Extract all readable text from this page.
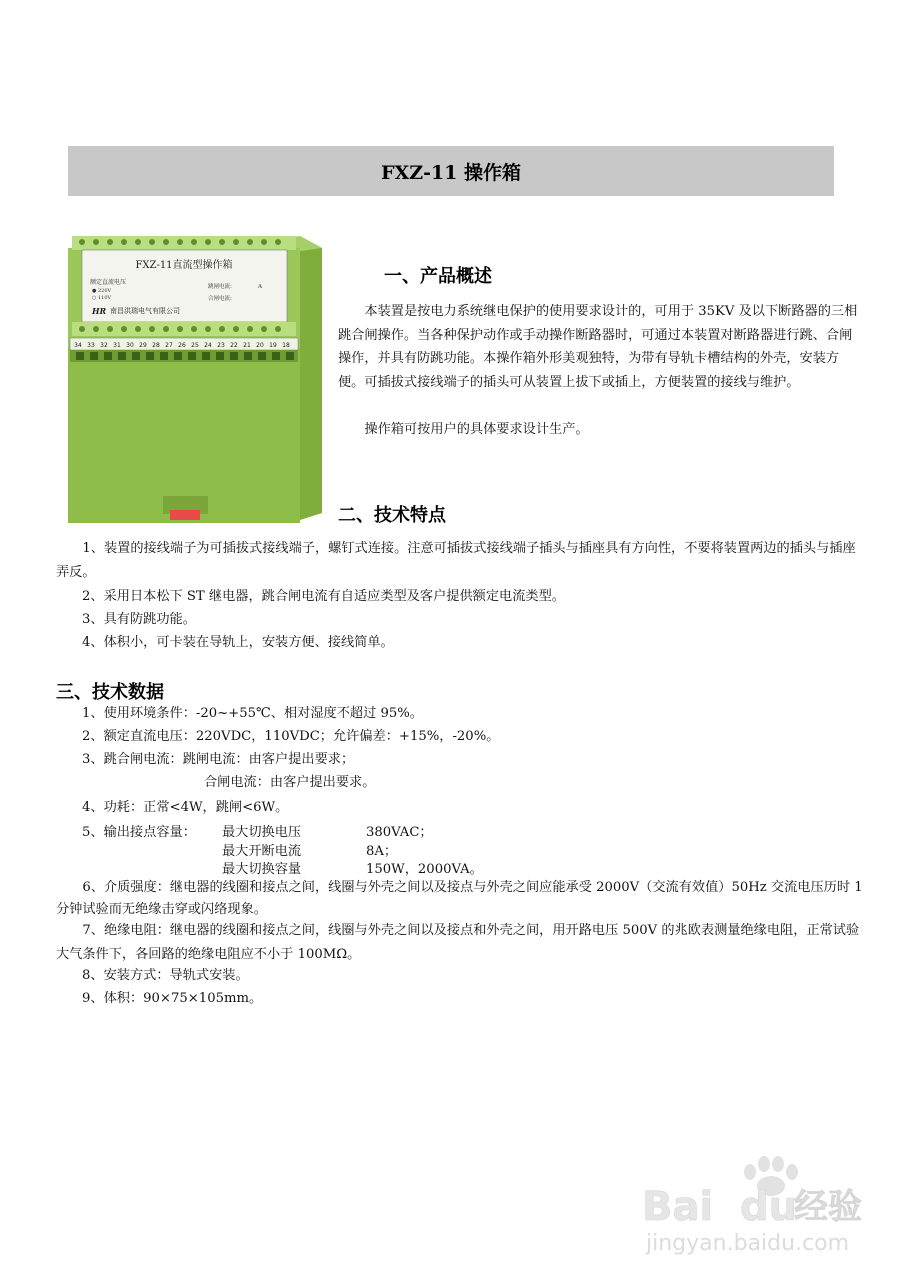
FXZ-11 操作箱
FXZ-11直流型操作箱
额定直流电压
● 220V
○ 110V
跳闸电流:
合闸电流:
A
HR 南昌洪瑞电气有限公司
34 33 32 31 30 29 28 27 26 25 24 23 22 21 20 19 18
一、产品概述

本装置是按电力系统继电保护的使用要求设计的，可用于 35KV 及以下断路器的三相跳合闸操作。当各种保护动作或手动操作断路器时，可通过本装置对断路器进行跳、合闸操作，并具有防跳功能。本操作箱外形美观独特，为带有导轨卡槽结构的外壳，安装方便。可插拔式接线端子的插头可从装置上拔下或插上，方便装置的接线与维护。

操作箱可按用户的具体要求设计生产。

二、技术特点

1、装置的接线端子为可插拔式接线端子，螺钉式连接。注意可插拔式接线端子插头与插座具有方向性，不要将装置两边的插头与插座弄反。

2、采用日本松下 ST 继电器，跳合闸电流有自适应类型及客户提供额定电流类型。
3、具有防跳功能。
4、体积小，可卡装在导轨上，安装方便、接线简单。
三、技术数据
1、使用环境条件：-20~+55℃、相对湿度不超过 95%。
2、额定直流电压：220VDC，110VDC；允许偏差：+15%，-20%。
3、跳合闸电流：跳闸电流：由客户提出要求；
合闸电流：由客户提出要求。
4、功耗：正常<4W，跳闸<6W。
5、输出接点容量： 最大切换电压	380VAC；
最大开断电流	8A；
最大切换容量	150W，2000VA。

6、介质强度：继电器的线圈和接点之间，线圈与外壳之间以及接点与外壳之间应能承受 2000V（交流有效值）50Hz 交流电压历时 1 分钟试验而无绝缘击穿或闪络现象。

7、绝缘电阻：继电器的线圈和接点之间，线圈与外壳之间以及接点和外壳之间，用开路电压 500V 的兆欧表测量绝缘电阻，正常试验大气条件下，各回路的绝缘电阻应不小于 100MΩ。

8、安装方式：导轨式安装。
9、体积：90×75×105mm。
Bai du
经验
jingyan.baidu.com
